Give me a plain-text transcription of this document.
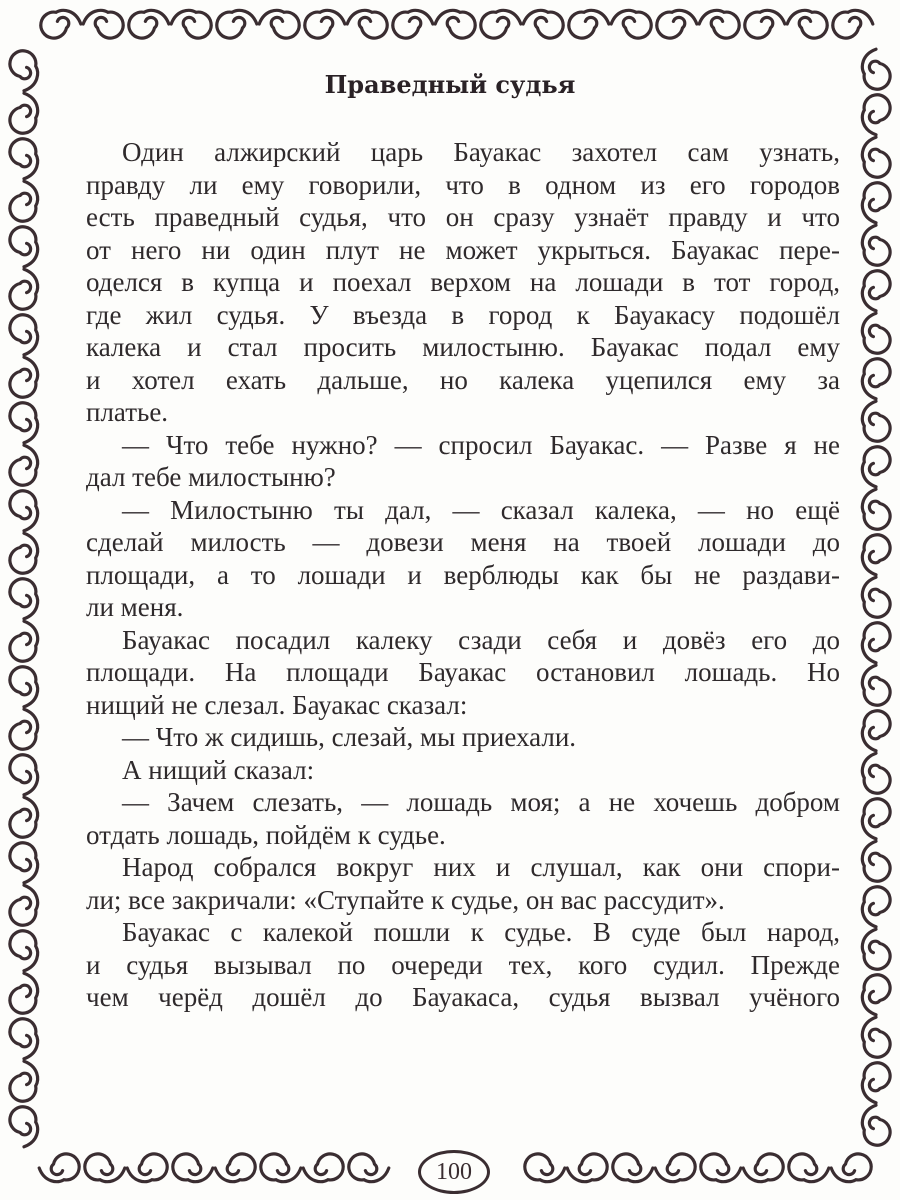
Праведный судья
Один алжирский царь Бауакас захотел сам узнать,
правду ли ему говорили, что в одном из его городов
есть праведный судья, что он сразу узнаёт правду и что
от него ни один плут не может укрыться. Бауакас пере-
оделся в купца и поехал верхом на лошади в тот город,
где жил судья. У въезда в город к Бауакасу подошёл
калека и стал просить милостыню. Бауакас подал ему
и хотел ехать дальше, но калека уцепился ему за
платье.
— Что тебе нужно? — спросил Бауакас. — Разве я не
дал тебе милостыню?
— Милостыню ты дал, — сказал калека, — но ещё
сделай милость — довези меня на твоей лошади до
площади, а то лошади и верблюды как бы не раздави-
ли меня.
Бауакас посадил калеку сзади себя и довёз его до
площади. На площади Бауакас остановил лошадь. Но
нищий не слезал. Бауакас сказал:
— Что ж сидишь, слезай, мы приехали.
А нищий сказал:
— Зачем слезать, — лошадь моя; а не хочешь добром
отдать лошадь, пойдём к судье.
Народ собрался вокруг них и слушал, как они спори-
ли; все закричали: «Ступайте к судье, он вас рассудит».
Бауакас с калекой пошли к судье. В суде был народ,
и судья вызывал по очереди тех, кого судил. Прежде
чем черёд дошёл до Бауакаса, судья вызвал учёного
100
